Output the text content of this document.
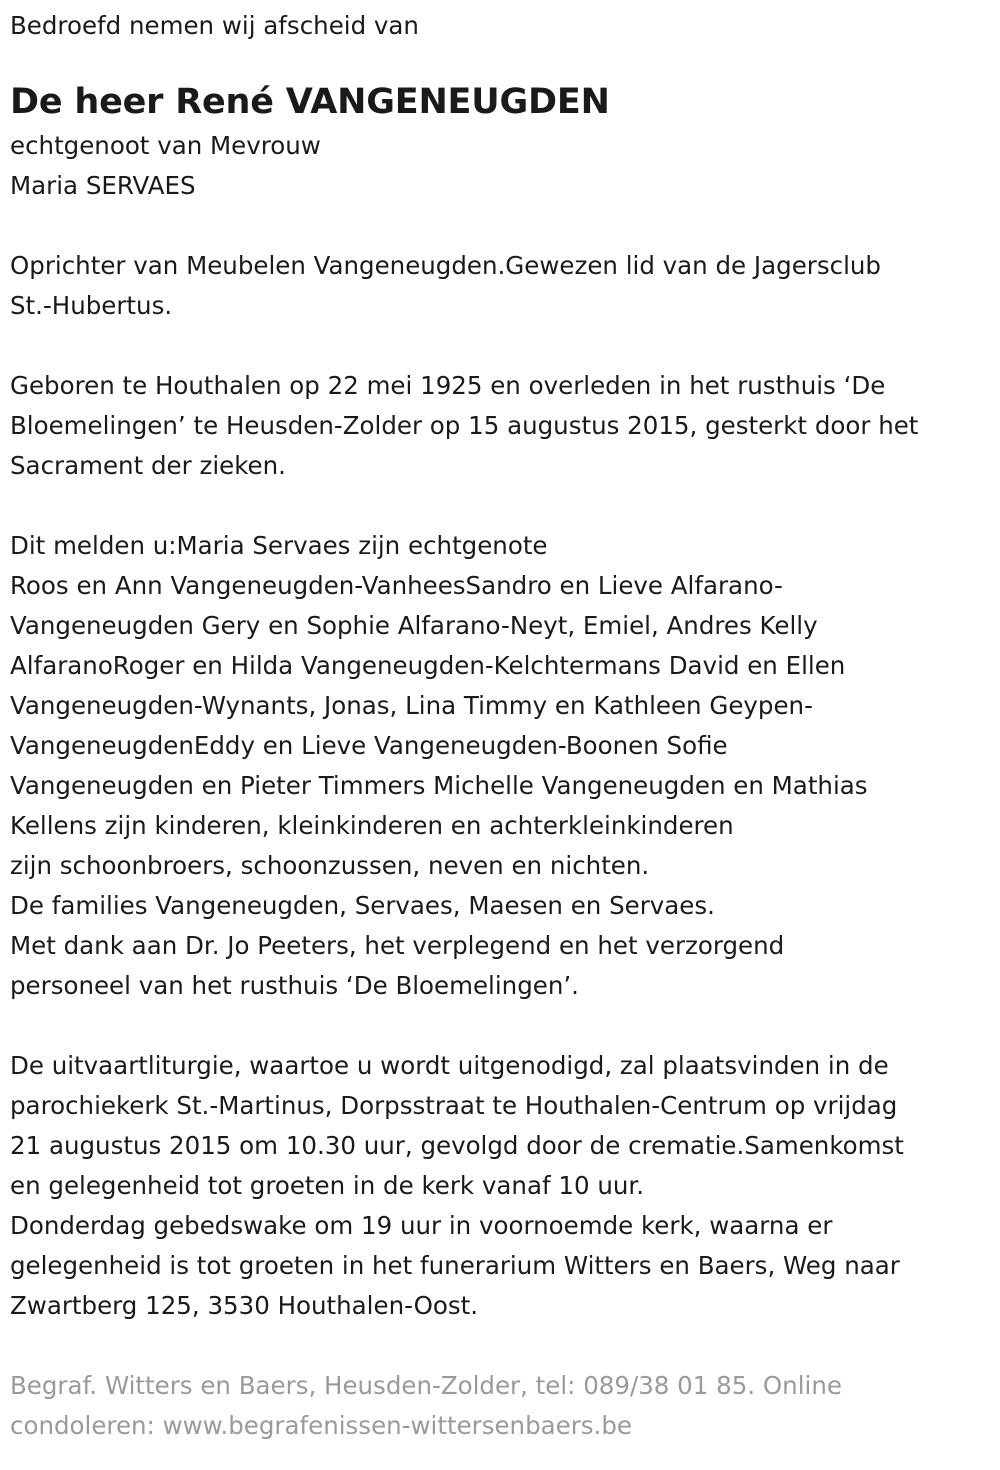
Bedroefd nemen wij afscheid van

De heer René VANGENEUGDEN
echtgenoot van Mevrouw
Maria SERVAES
Oprichter van Meubelen Vangeneugden.Gewezen lid van de Jagersclub
St.-Hubertus.
Geboren te Houthalen op 22 mei 1925 en overleden in het rusthuis ‘De
Bloemelingen’ te Heusden-Zolder op 15 augustus 2015, gesterkt door het
Sacrament der zieken.
Dit melden u:Maria Servaes zijn echtgenote
Roos en Ann Vangeneugden-VanheesSandro en Lieve Alfarano-
Vangeneugden Gery en Sophie Alfarano-Neyt, Emiel, Andres Kelly
AlfaranoRoger en Hilda Vangeneugden-Kelchtermans David en Ellen
Vangeneugden-Wynants, Jonas, Lina Timmy en Kathleen Geypen-
VangeneugdenEddy en Lieve Vangeneugden-Boonen Sofie
Vangeneugden en Pieter Timmers Michelle Vangeneugden en Mathias
Kellens zijn kinderen, kleinkinderen en achterkleinkinderen
zijn schoonbroers, schoonzussen, neven en nichten.
De families Vangeneugden, Servaes, Maesen en Servaes.
Met dank aan Dr. Jo Peeters, het verplegend en het verzorgend
personeel van het rusthuis ‘De Bloemelingen’.
De uitvaartliturgie, waartoe u wordt uitgenodigd, zal plaatsvinden in de
parochiekerk St.-Martinus, Dorpsstraat te Houthalen-Centrum op vrijdag
21 augustus 2015 om 10.30 uur, gevolgd door de crematie.Samenkomst
en gelegenheid tot groeten in de kerk vanaf 10 uur.
Donderdag gebedswake om 19 uur in voornoemde kerk, waarna er
gelegenheid is tot groeten in het funerarium Witters en Baers, Weg naar
Zwartberg 125, 3530 Houthalen-Oost.
Begraf. Witters en Baers, Heusden-Zolder, tel: 089/38 01 85. Online
condoleren: www.begrafenissen-wittersenbaers.be
